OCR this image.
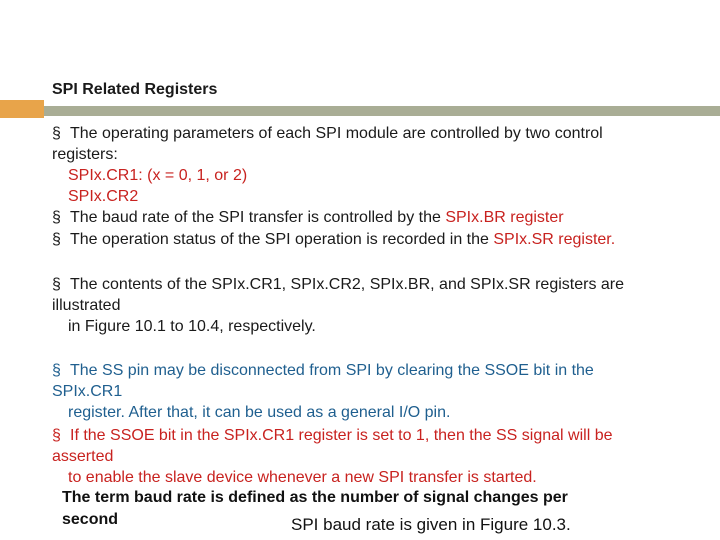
SPI Related Registers
§ The operating parameters of each SPI module are controlled by two control
registers:
SPIx.CR1: (x = 0, 1, or 2)
SPIx.CR2
§ The baud rate of the SPI transfer is controlled by the SPIx.BR register
§ The operation status of the SPI operation is recorded in the SPIx.SR register.
§ The contents of the SPIx.CR1, SPIx.CR2, SPIx.BR, and SPIx.SR registers are
illustrated
in Figure 10.1 to 10.4, respectively.
§ The SS pin may be disconnected from SPI by clearing the SSOE bit in the
SPIx.CR1
register. After that, it can be used as a general I/O pin.
§ If the SSOE bit in the SPIx.CR1 register is set to 1, then the SS signal will be
asserted
to enable the slave device whenever a new SPI transfer is started.
SPI baud rate is given in Figure 10.3.
The term baud rate is defined as the number of signal changes per
second
